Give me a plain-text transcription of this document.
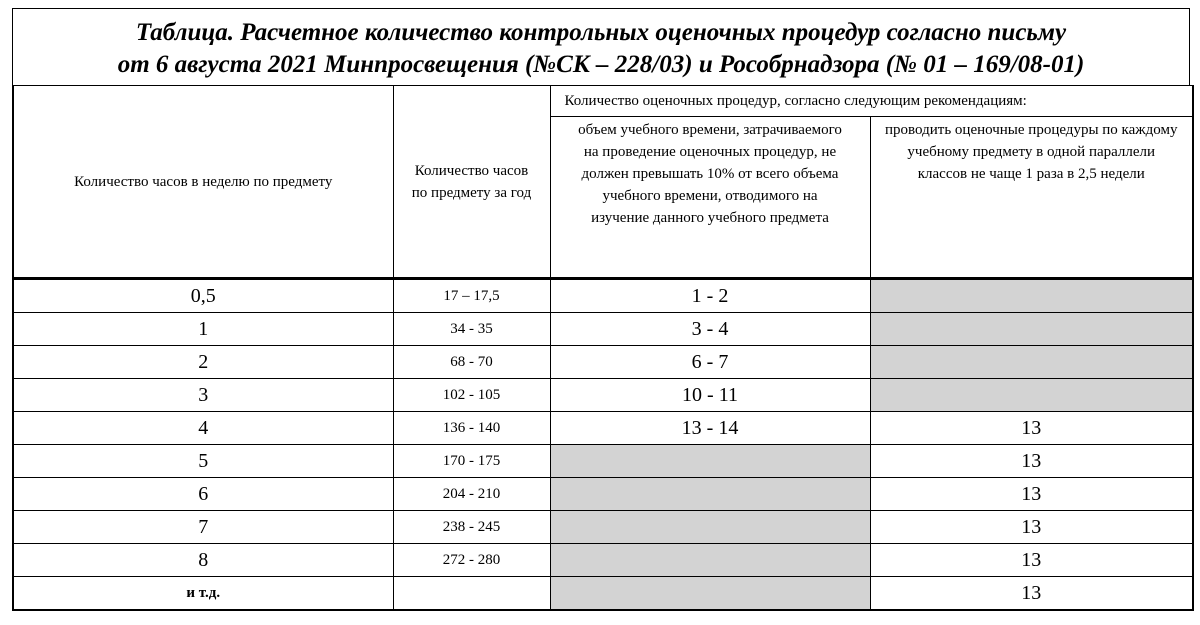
Таблица. Расчетное количество контрольных оценочных процедур согласно письму
от 6 августа 2021 Минпросвещения (№СК – 228/03) и Рособрнадзора (№ 01 – 169/08-01)
Количество часов в неделю по предмету	Количество часов по предмету за год	Количество оценочных процедур, согласно следующим рекомендациям:	
		объем учебного времени, затрачиваемого на проведение оценочных процедур, не должен превышать 10% от всего объема учебного времени, отводимого на изучение данного учебного предмета	проводить оценочные процедуры по каждому учебному предмету в одной параллели классов не чаще 1 раза в 2,5 недели
0,5	17 – 17,5	1 - 2	
1	34 - 35	3 - 4	
2	68 - 70	6 - 7	
3	102 - 105	10 - 11	
4	136 - 140	13 - 14	13
5	170 - 175		13
6	204 - 210		13
7	238 - 245		13
8	272 - 280		13
и т.д.			13
